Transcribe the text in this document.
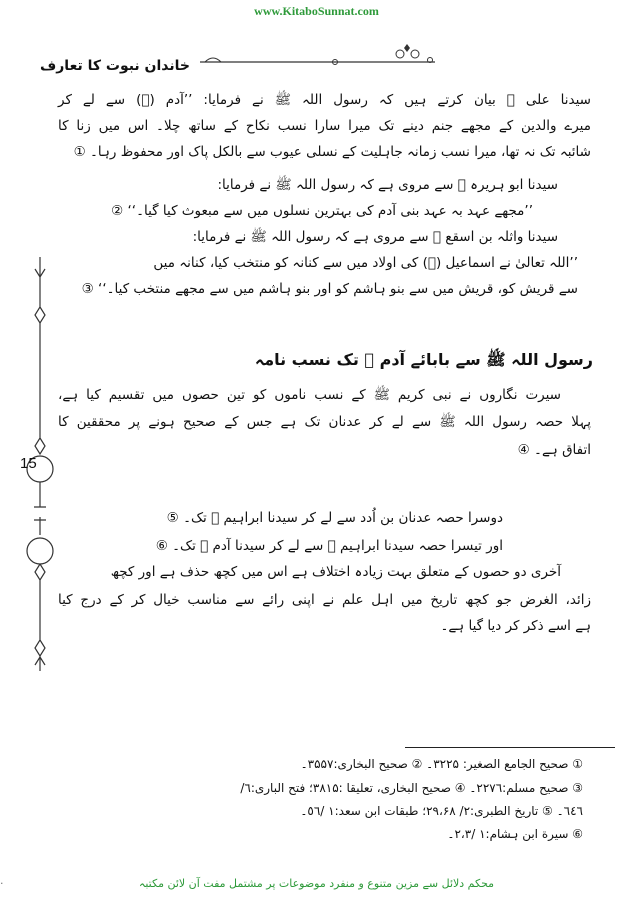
www.KitaboSunnat.com
خاندان نبوت کا تعارف
سیدنا علی ﷜ بیان کرتے ہیں کہ رسول اللہ ﷺ نے فرمایا: ’’آدم (﷤) سے لے کر
میرے والدین کے مجھے جنم دینے تک میرا سارا نسب نکاح کے ساتھ چلا۔ اس میں زنا کا
شائبہ تک نہ تھا، میرا نسب زمانہ جاہلیت کے نسلی عیوب سے بالکل پاک اور محفوظ رہا۔ ①
سیدنا ابو ہریرہ ﷜ سے مروی ہے کہ رسول اللہ ﷺ نے فرمایا:
’’مجھے عہد بہ عہد بنی آدم کی بہترین نسلوں میں سے مبعوث کیا گیا۔‘‘ ②
سیدنا واثلہ بن اسقع ﷜ سے مروی ہے کہ رسول اللہ ﷺ نے فرمایا:
’’اللہ تعالیٰ نے اسماعیل (﷤) کی اولاد میں سے کنانہ کو منتخب کیا، کنانہ میں
سے قریش کو، قریش میں سے بنو ہاشم کو اور بنو ہاشم میں سے مجھے منتخب کیا۔‘‘ ③
رسول اللہ ﷺ سے بابائے آدم ﷤ تک نسب نامہ
سیرت نگاروں نے نبی کریم ﷺ کے نسب ناموں کو تین حصوں میں تقسیم کیا ہے،
پہلا حصہ رسول اللہ ﷺ سے لے کر عدنان تک ہے جس کے صحیح ہونے پر محققین کا
اتفاق ہے۔ ④
دوسرا حصہ عدنان بن اُدد سے لے کر سیدنا ابراہیم ﷤ تک۔ ⑤
اور تیسرا حصہ سیدنا ابراہیم ﷤ سے لے کر سیدنا آدم ﷤ تک۔ ⑥
آخری دو حصوں کے متعلق بہت زیادہ اختلاف ہے اس میں کچھ حذف ہے اور کچھ
زائد، الغرض جو کچھ تاریخ میں اہل علم نے اپنی رائے سے مناسب خیال کر کے درج کیا
ہے اسے ذکر کر دیا گیا ہے۔
15
① صحیح الجامع الصغیر: ۳۲۲۵۔ ② صحیح البخاری:۳۵۵۷۔
③ صحیح مسلم:۲۲۷٦۔ ④ صحیح البخاری، تعلیقا :۳۸۱۵؛ فتح الباری:٦/
٦٤٦۔ ⑤ تاریخ الطبری:۲/ ۲۹،۶۸؛ طبقات ابن سعد:۱ /٥٦۔
⑥ سیرة ابن ہشام:۱ /۲،۳۔
·	محکم دلائل سے مزین متنوع و منفرد موضوعات پر مشتمل مفت آن لائن مکتبہ
